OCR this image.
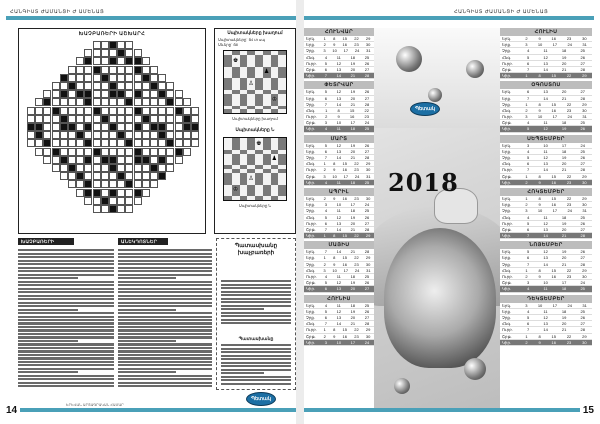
ՀԱՆԳԻՍՏ ԺԱՄԱՆՑԻ Ժ ԱՄԵՆԱՑ
ԽԱՉԲԱՌԵՐԻ ԱՇԽԱՐՀ	Սպիտակները խաղում
Սպիտակները` ճ4 տ սպ
Սևերը` ճ8
♚
♟
♙
♔
Սպիտակները խաղում
Սպիտակները Ն
♚
♟
♙
♔
Սպիտակները Ն
ԽԱՉԲԱՌԵՐԻ	ԱՆԵԿԴՈՏՆԵՐ
Պատասխանը
խաչբառերի
Պատասխանը
Պետակ
ԵՐԵՎԱՆ ԱՐՏԱԳՐԱԿԱՆ ՀԱՄԱՐ
14
ՀԱՆԳԻՍՏ ԺԱՄԱՆՑԻ Ժ ԱՄԵՆԱՑ
2018
Պետակ
ՀՈՒՆՎԱՐ
Երկ.	1 8 15 22 29
Երք.	2 9 16 23 30
Չրք.	3 10 17 24 31
Հնգ.	4 11 18 25
Ուրբ.	5 12 19 26
Շբթ.	6 13 20 27
Կիր.	7 14 21 28
ՓԵՏՐՎԱՐ
Երկ.	5 12 19 26
Երք.	6 13 20 27
Չրք.	7 14 21 28
Հնգ.	1	8	15	22
Ուրբ.	2	9	16	23
Շբթ.	3 10 17 24
Կիր.	4 11 18 25
ՄԱՐՏ
Երկ.	5 12 19 26
Երք.	6 13 20 27
Չրք.	7 14 21 28
Հնգ.	1 8 15 22 29
Ուրբ.	2 9 16 23 30
Շբթ.	3 10 17 24 31
Կիր.	4 11 18 25
ԱՊՐԻԼ
Երկ.	2 9 16 23 30
Երք.	3 10 17 24
Չրք.	4 11 18 25
Հնգ.	5 12 19 26
Ուրբ.	6 13 20 27
Շբթ.	7 14 21 28
Կիր.	1 8 15 22 29
ՄԱՅԻՍ
Երկ.	7 14 21 28
Երք.	1 8 15 22 29
Չրք.	2 9 16 23 30
Հնգ.	3 10 17 24 31
Ուրբ.	4 11 18 25
Շբթ.	5 12 19 26
Կիր.	6 13 20 27
ՀՈՒՆԻՍ
Երկ.	4 11 18 25
Երք.	5 12 19 26
Չրք.	6 13 20 27
Հնգ.	7 14 21 28
Ուրբ.	1 8 15 22 29
Շբթ.	2 9 16 23 30
Կիր.	3 10 17 24
ՀՈՒԼԻՍ
Երկ.	2	9	16	23	30
Երք.	3	10	17	24	31
Չրք.	4	11	18	25
Հնգ.	5	12	19	26
Ուրբ.	6	13	20	27
Շբթ.	7	14	21	28
Կիր.	1	8	15	22	29
ՕԳՈՍՏՈՍ
Երկ.	6	13	20	27
Երք.	7	14	21	28
Չրք.	1	8	15	22	29
Հնգ.	2	9	16	23	30
Ուրբ.	3	10	17	24	31
Շբթ.	4	11	18	25
Կիր.	5	12	19	26
ՍԵՊՏԵՄԲԵՐ
Երկ.	3	10	17	24
Երք.	4	11	18	25
Չրք.	5	12	19	26
Հնգ.	6	13	20	27
Ուրբ.	7	14	21	28
Շբթ.	1	8	15	22	29
Կիր.	2	9	16	23	30
ՀՈԿՏԵՄԲԵՐ
Երկ.	1	8	15	22	29
Երք.	2	9	16	23	30
Չրք.	3	10	17	24	31
Հնգ.	4	11	18	25
Ուրբ.	5	12	19	26
Շբթ.	6	13	20	27
Կիր.	7	14	21	28
ՆՈՅԵՄԲԵՐ
Երկ.	5	12	19	26
Երք.	6	13	20	27
Չրք.	7	14	21	28
Հնգ.	1	8	15	22	29
Ուրբ.	2	9	16	23	30
Շբթ.	3	10	17	24
Կիր.	4	11	18	25
ԴԵԿՏԵՄԲԵՐ
Երկ.	3	10	17	24	31
Երք.	4	11	18	25
Չրք.	5	12	19	26
Հնգ.	6	13	20	27
Ուրբ.	7	14	21	28
Շբթ.	1	8	15	22	29
Կիր.	2	9	16	23	30
15
